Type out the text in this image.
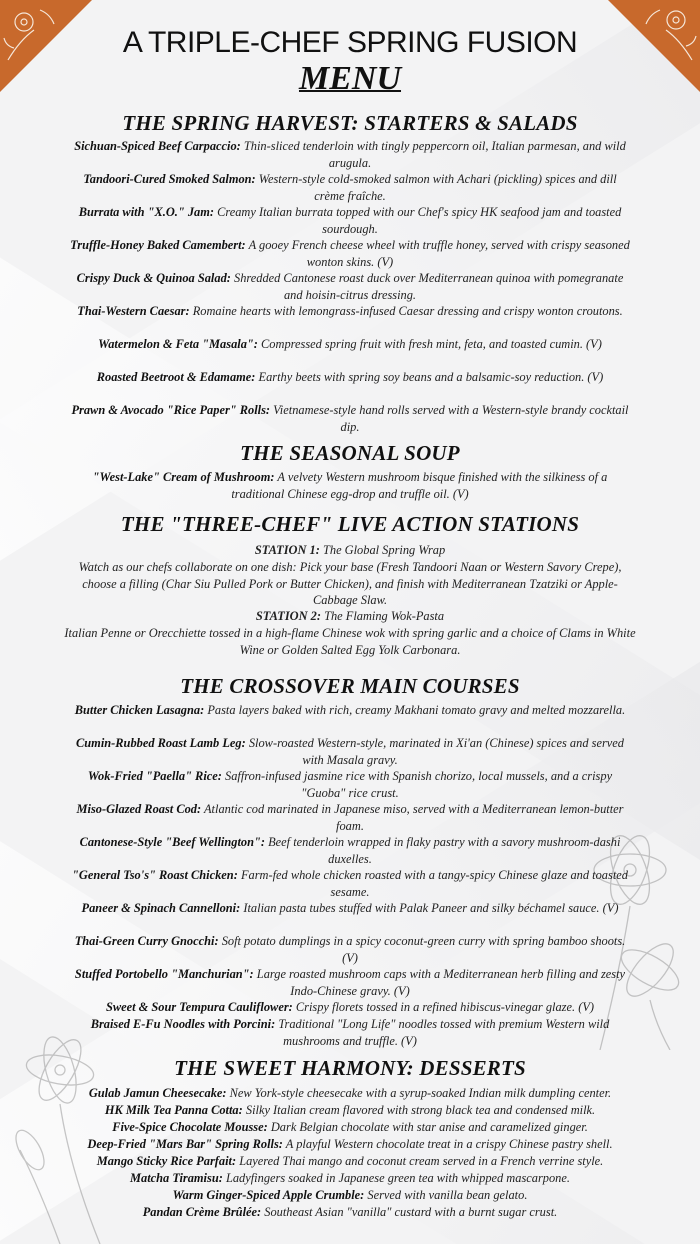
A TRIPLE-CHEF SPRING FUSION
MENU
THE SPRING HARVEST: STARTERS & SALADS
Sichuan-Spiced Beef Carpaccio: Thin-sliced tenderloin with tingly peppercorn oil, Italian parmesan, and wild arugula.
Tandoori-Cured Smoked Salmon: Western-style cold-smoked salmon with Achari (pickling) spices and dill crème fraîche.
Burrata with "X.O." Jam: Creamy Italian burrata topped with our Chef's spicy HK seafood jam and toasted sourdough.
Truffle-Honey Baked Camembert: A gooey French cheese wheel with truffle honey, served with crispy seasoned wonton skins. (V)
Crispy Duck & Quinoa Salad: Shredded Cantonese roast duck over Mediterranean quinoa with pomegranate and hoisin-citrus dressing.
Thai-Western Caesar: Romaine hearts with lemongrass-infused Caesar dressing and crispy wonton croutons.
Watermelon & Feta "Masala": Compressed spring fruit with fresh mint, feta, and toasted cumin. (V)
Roasted Beetroot & Edamame: Earthy beets with spring soy beans and a balsamic-soy reduction. (V)
Prawn & Avocado "Rice Paper" Rolls: Vietnamese-style hand rolls served with a Western-style brandy cocktail dip.
THE SEASONAL SOUP
"West-Lake" Cream of Mushroom: A velvety Western mushroom bisque finished with the silkiness of a traditional Chinese egg-drop and truffle oil. (V)
THE "THREE-CHEF" LIVE ACTION STATIONS
STATION 1: The Global Spring Wrap
Watch as our chefs collaborate on one dish: Pick your base (Fresh Tandoori Naan or Western Savory Crepe), choose a filling (Char Siu Pulled Pork or Butter Chicken), and finish with Mediterranean Tzatziki or Apple-Cabbage Slaw.
STATION 2: The Flaming Wok-Pasta
Italian Penne or Orecchiette tossed in a high-flame Chinese wok with spring garlic and a choice of Clams in White Wine or Golden Salted Egg Yolk Carbonara.
THE CROSSOVER MAIN COURSES
Butter Chicken Lasagna: Pasta layers baked with rich, creamy Makhani tomato gravy and melted mozzarella.
Cumin-Rubbed Roast Lamb Leg: Slow-roasted Western-style, marinated in Xi'an (Chinese) spices and served with Masala gravy.
Wok-Fried "Paella" Rice: Saffron-infused jasmine rice with Spanish chorizo, local mussels, and a crispy "Guoba" rice crust.
Miso-Glazed Roast Cod: Atlantic cod marinated in Japanese miso, served with a Mediterranean lemon-butter foam.
Cantonese-Style "Beef Wellington": Beef tenderloin wrapped in flaky pastry with a savory mushroom-dashi duxelles.
"General Tso's" Roast Chicken: Farm-fed whole chicken roasted with a tangy-spicy Chinese glaze and toasted sesame.
Paneer & Spinach Cannelloni: Italian pasta tubes stuffed with Palak Paneer and silky béchamel sauce. (V)
Thai-Green Curry Gnocchi: Soft potato dumplings in a spicy coconut-green curry with spring bamboo shoots. (V)
Stuffed Portobello "Manchurian": Large roasted mushroom caps with a Mediterranean herb filling and zesty Indo-Chinese gravy. (V)
Sweet & Sour Tempura Cauliflower: Crispy florets tossed in a refined hibiscus-vinegar glaze. (V)
Braised E-Fu Noodles with Porcini: Traditional "Long Life" noodles tossed with premium Western wild mushrooms and truffle. (V)
THE SWEET HARMONY: DESSERTS
Gulab Jamun Cheesecake: New York-style cheesecake with a syrup-soaked Indian milk dumpling center.
HK Milk Tea Panna Cotta: Silky Italian cream flavored with strong black tea and condensed milk.
Five-Spice Chocolate Mousse: Dark Belgian chocolate with star anise and caramelized ginger.
Deep-Fried "Mars Bar" Spring Rolls: A playful Western chocolate treat in a crispy Chinese pastry shell.
Mango Sticky Rice Parfait: Layered Thai mango and coconut cream served in a French verrine style.
Matcha Tiramisu: Ladyfingers soaked in Japanese green tea with whipped mascarpone.
Warm Ginger-Spiced Apple Crumble: Served with vanilla bean gelato.
Pandan Crème Brûlée: Southeast Asian "vanilla" custard with a burnt sugar crust.
